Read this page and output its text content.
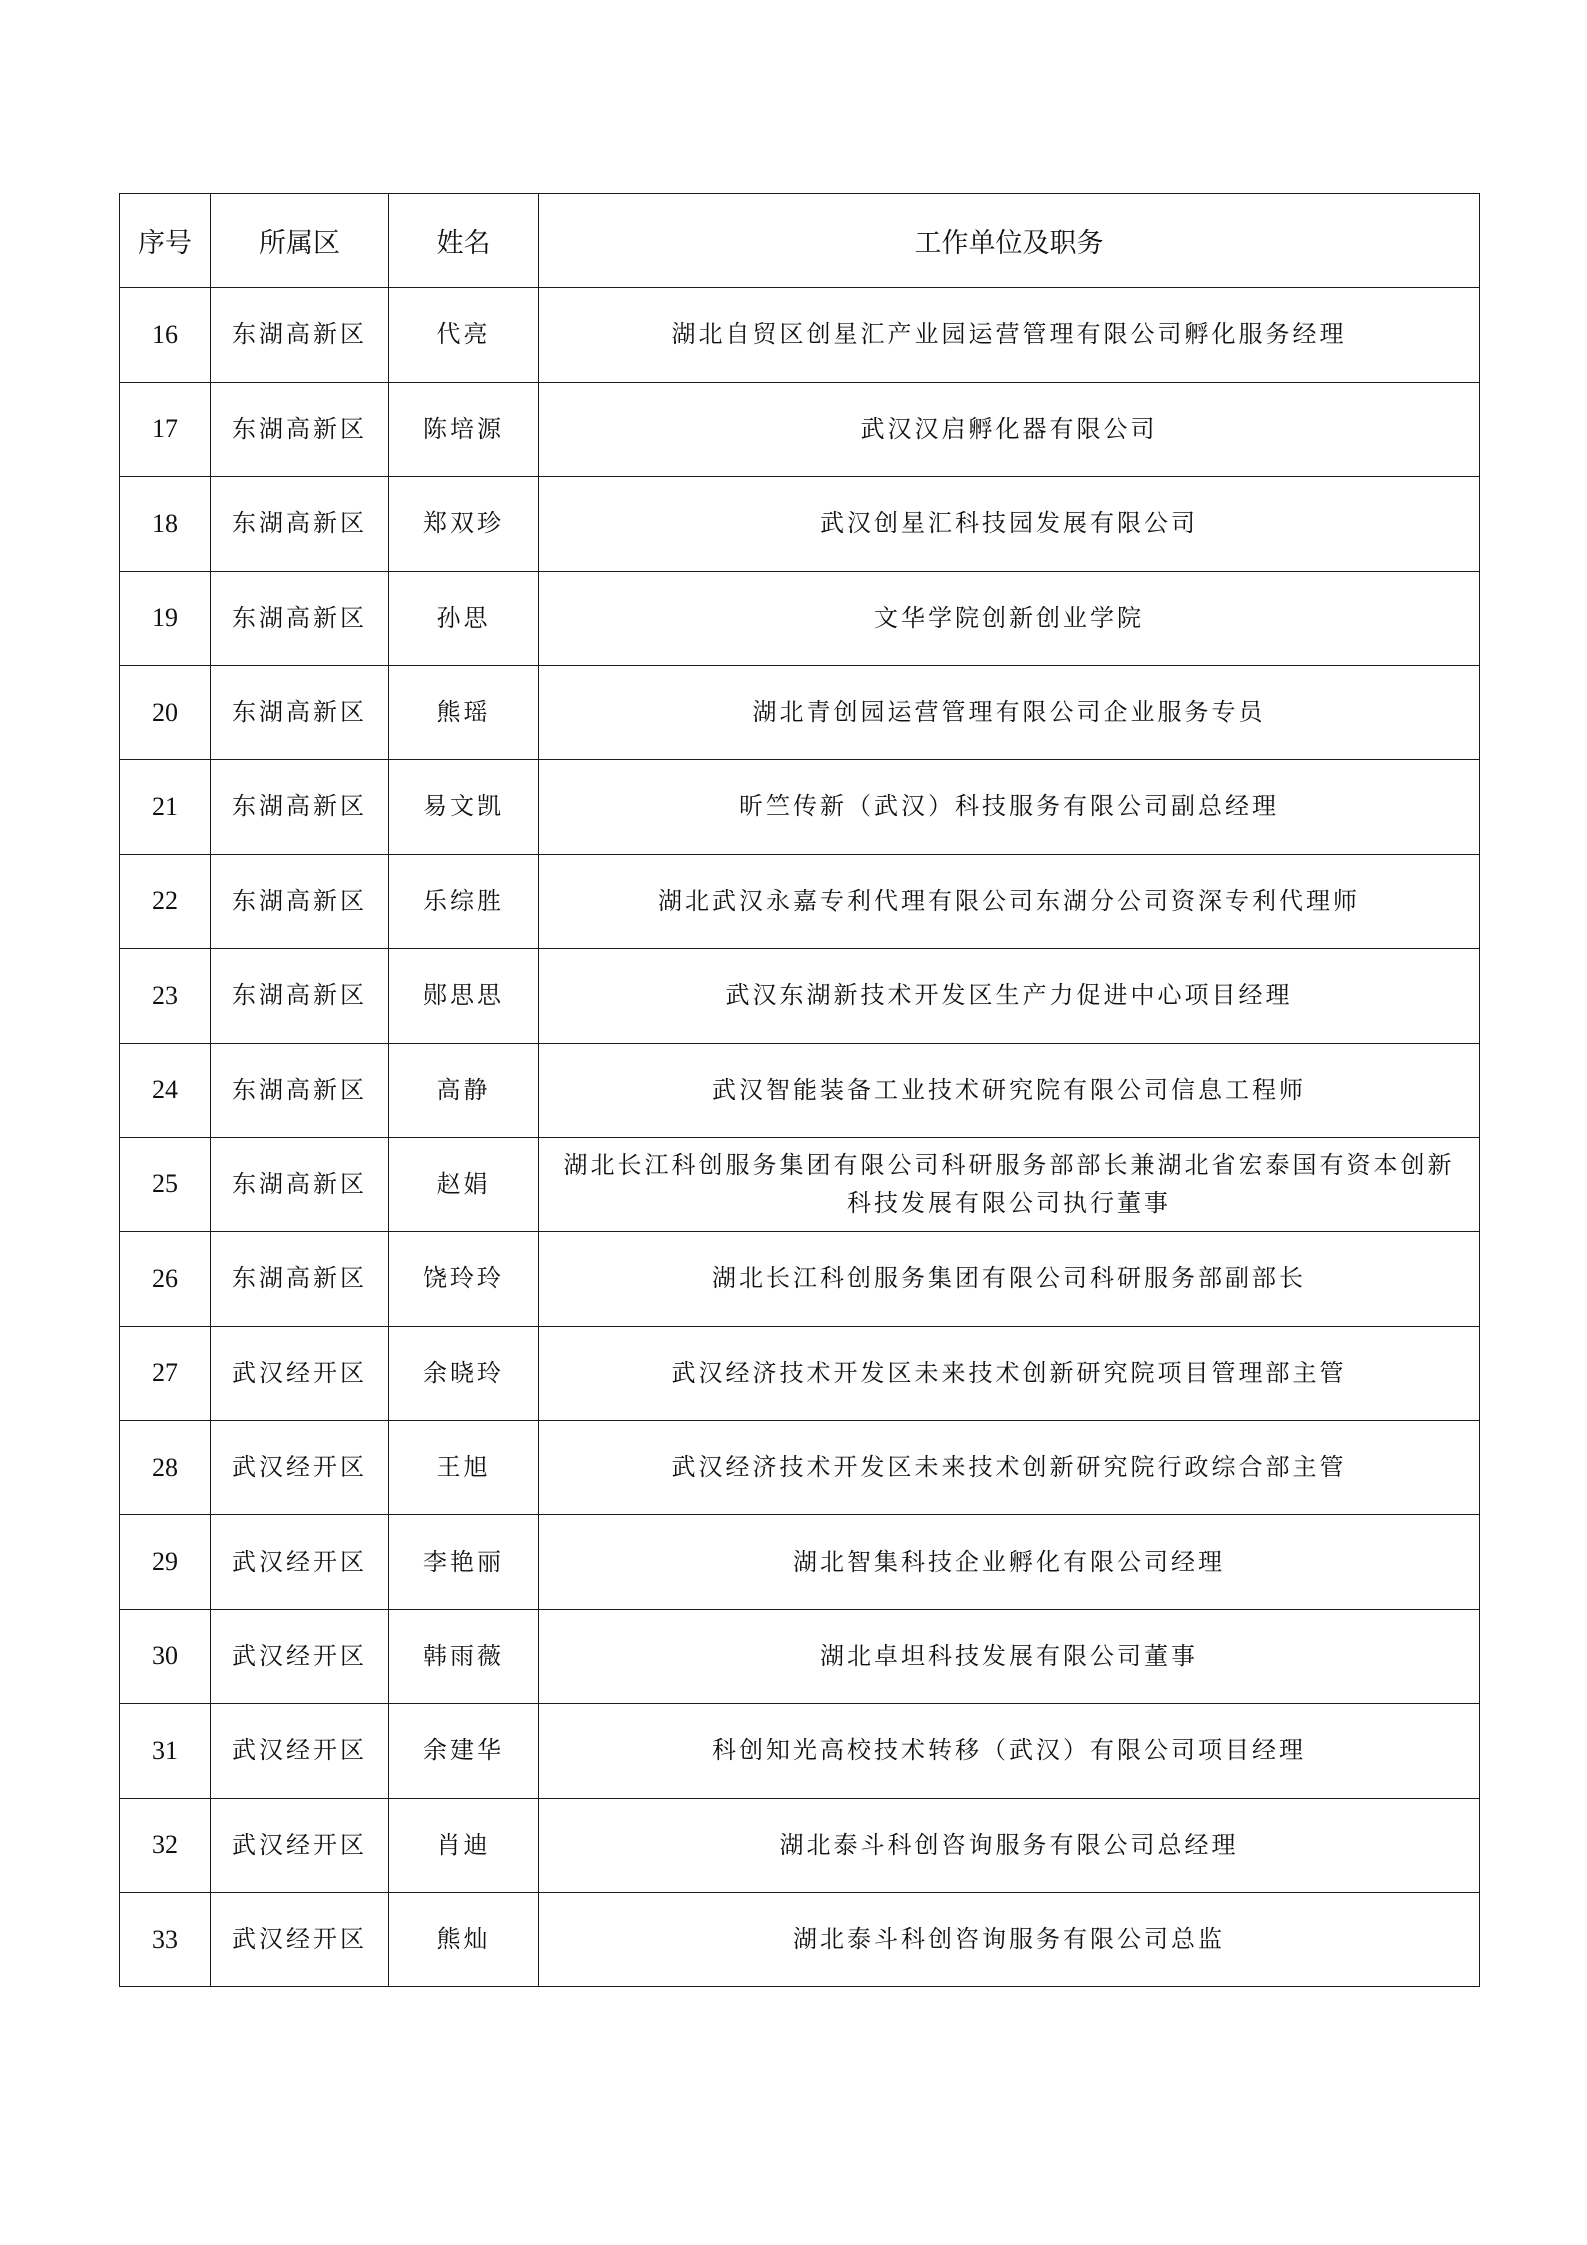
序号	所属区	姓名	工作单位及职务
16	东湖高新区	代亮	湖北自贸区创星汇产业园运营管理有限公司孵化服务经理
17	东湖高新区	陈培源	武汉汉启孵化器有限公司
18	东湖高新区	郑双珍	武汉创星汇科技园发展有限公司
19	东湖高新区	孙思	文华学院创新创业学院
20	东湖高新区	熊瑶	湖北青创园运营管理有限公司企业服务专员
21	东湖高新区	易文凯	昕竺传新（武汉）科技服务有限公司副总经理
22	东湖高新区	乐综胜	湖北武汉永嘉专利代理有限公司东湖分公司资深专利代理师
23	东湖高新区	郧思思	武汉东湖新技术开发区生产力促进中心项目经理
24	东湖高新区	高静	武汉智能装备工业技术研究院有限公司信息工程师
25	东湖高新区	赵娟	湖北长江科创服务集团有限公司科研服务部部长兼湖北省宏泰国有资本创新科技发展有限公司执行董事
26	东湖高新区	饶玲玲	湖北长江科创服务集团有限公司科研服务部副部长
27	武汉经开区	余晓玲	武汉经济技术开发区未来技术创新研究院项目管理部主管
28	武汉经开区	王旭	武汉经济技术开发区未来技术创新研究院行政综合部主管
29	武汉经开区	李艳丽	湖北智集科技企业孵化有限公司经理
30	武汉经开区	韩雨薇	湖北卓坦科技发展有限公司董事
31	武汉经开区	余建华	科创知光高校技术转移（武汉）有限公司项目经理
32	武汉经开区	肖迪	湖北泰斗科创咨询服务有限公司总经理
33	武汉经开区	熊灿	湖北泰斗科创咨询服务有限公司总监
